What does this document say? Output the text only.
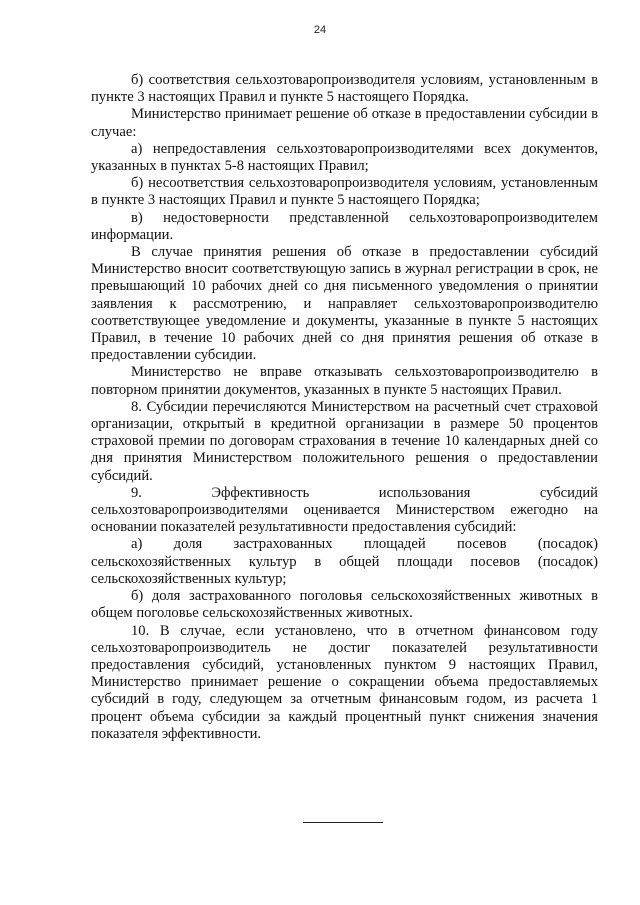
24

б) соответствия сельхозтоваропроизводителя условиям, установленным в пункте 3 настоящих Правил и пункте 5 настоящего Порядка.

Министерство принимает решение об отказе в предоставлении субсидии в случае:

а) непредоставления сельхозтоваропроизводителями всех документов, указанных в пунктах 5-8 настоящих Правил;

б) несоответствия сельхозтоваропроизводителя условиям, установленным в пункте 3 настоящих Правил и пункте 5 настоящего Порядка;

в) недостоверности представленной сельхозтоваропроизводителем информации.

В случае принятия решения об отказе в предоставлении субсидий Министерство вносит соответствующую запись в журнал регистрации в срок, не превышающий 10 рабочих дней со дня письменного уведомления о принятии заявления к рассмотрению, и направляет сельхозтоваропроизводителю соответствующее уведомление и документы, указанные в пункте 5 настоящих Правил, в течение 10 рабочих дней со дня принятия решения об отказе в предоставлении субсидии.

Министерство не вправе отказывать сельхозтоваропроизводителю в повторном принятии документов, указанных в пункте 5 настоящих Правил.

8. Субсидии перечисляются Министерством на расчетный счет страховой организации, открытый в кредитной организации в размере 50 процентов страховой премии по договорам страхования в течение 10 календарных дней со дня принятия Министерством положительного решения о предоставлении субсидий.

9. Эффективность использования субсидий сельхозтоваропроизводителями оценивается Министерством ежегодно на основании показателей результативности предоставления субсидий:

а) доля застрахованных площадей посевов (посадок) сельскохозяйственных культур в общей площади посевов (посадок) сельскохозяйственных культур;

б) доля застрахованного поголовья сельскохозяйственных животных в общем поголовье сельскохозяйственных животных.

10. В случае, если установлено, что в отчетном финансовом году сельхозтоваропроизводитель не достиг показателей результативности предоставления субсидий, установленных пунктом 9 настоящих Правил, Министерство принимает решение о сокращении объема предоставляемых субсидий в году, следующем за отчетным финансовым годом, из расчета 1 процент объема субсидии за каждый процентный пункт снижения значения показателя эффективности.
